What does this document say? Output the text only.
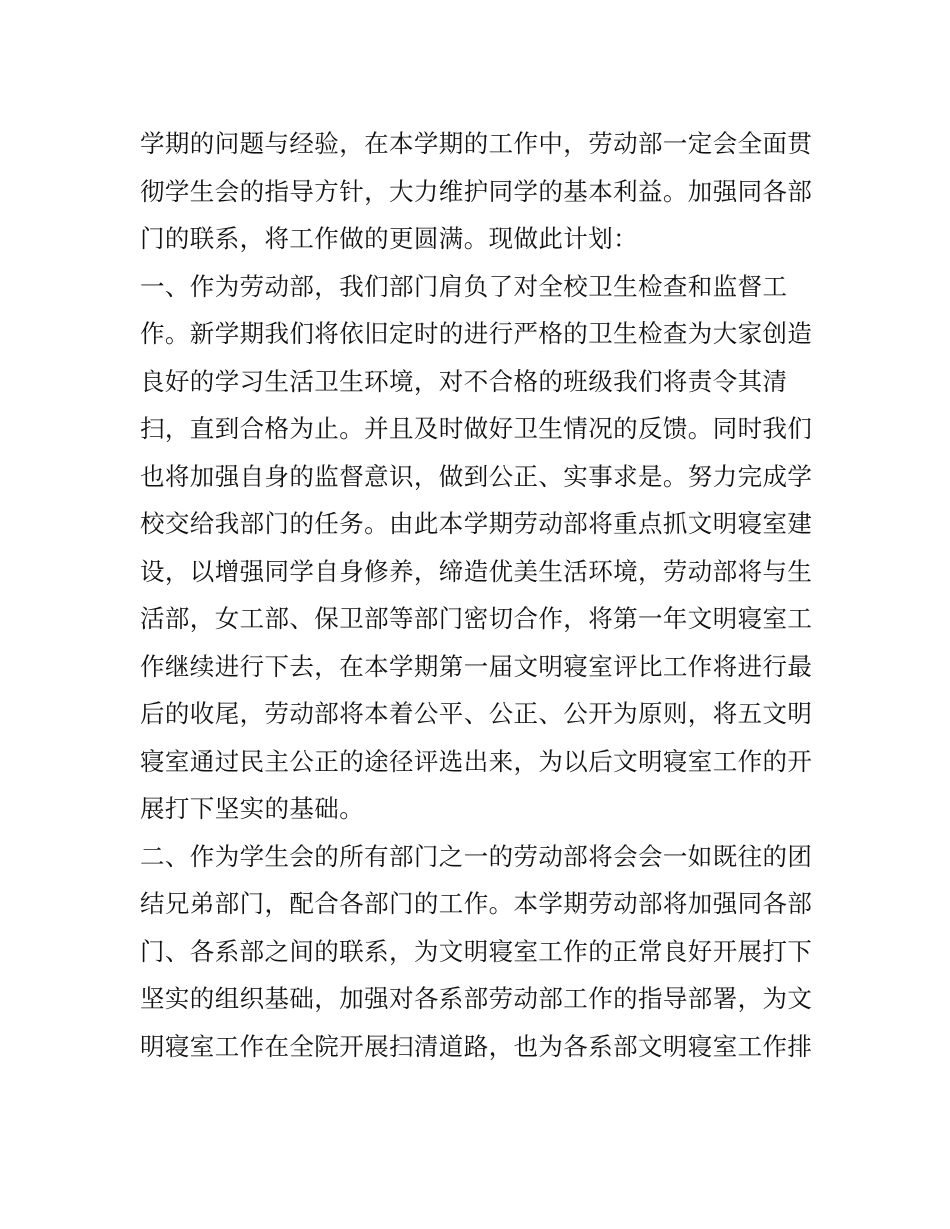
学期的问题与经验，在本学期的工作中，劳动部一定会全面贯
彻学生会的指导方针，大力维护同学的基本利益。加强同各部
门的联系，将工作做的更圆满。现做此计划：
一、作为劳动部，我们部门肩负了对全校卫生检查和监督工
作。新学期我们将依旧定时的进行严格的卫生检查为大家创造
良好的学习生活卫生环境，对不合格的班级我们将责令其清
扫，直到合格为止。并且及时做好卫生情况的反馈。同时我们
也将加强自身的监督意识，做到公正、实事求是。努力完成学
校交给我部门的任务。由此本学期劳动部将重点抓文明寝室建
设，以增强同学自身修养，缔造优美生活环境，劳动部将与生
活部，女工部、保卫部等部门密切合作，将第一年文明寝室工
作继续进行下去，在本学期第一届文明寝室评比工作将进行最
后的收尾，劳动部将本着公平、公正、公开为原则，将五文明
寝室通过民主公正的途径评选出来，为以后文明寝室工作的开
展打下坚实的基础。
二、作为学生会的所有部门之一的劳动部将会会一如既往的团
结兄弟部门，配合各部门的工作。本学期劳动部将加强同各部
门、各系部之间的联系，为文明寝室工作的正常良好开展打下
坚实的组织基础，加强对各系部劳动部工作的指导部署，为文
明寝室工作在全院开展扫清道路，也为各系部文明寝室工作排
